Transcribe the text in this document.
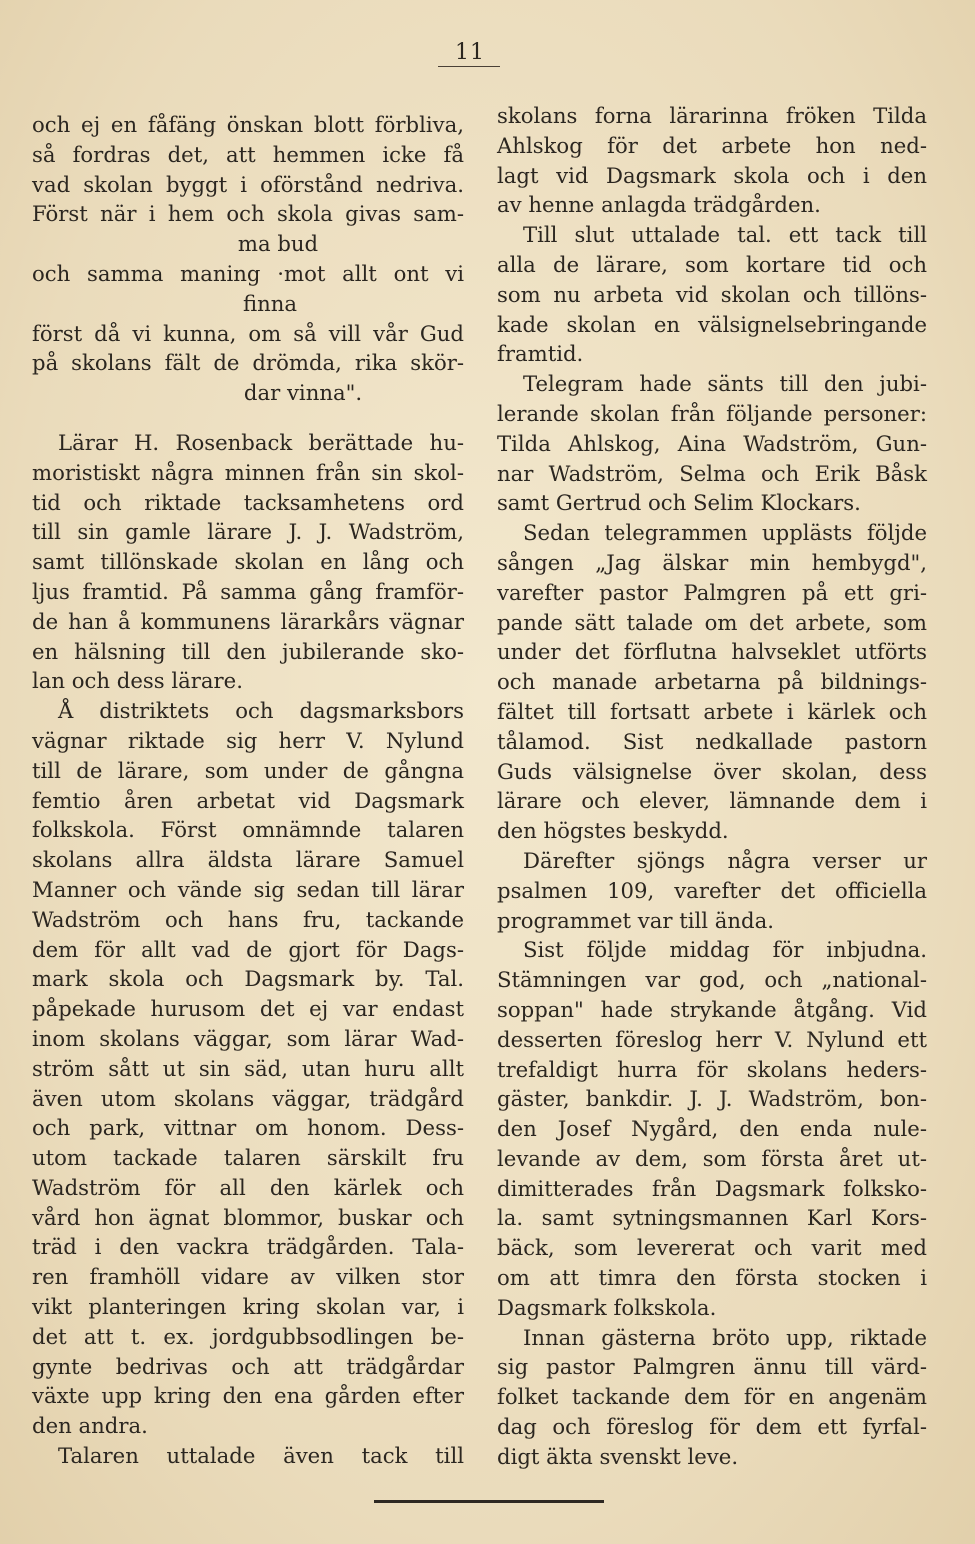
11
och ej en fåfäng önskan blott förbliva,
så fordras det, att hemmen icke få
vad skolan byggt i oförstånd nedriva.
Först när i hem och skola givas sam-
ma bud
och samma maning ·mot allt ont vi
finna
först då vi kunna, om så vill vår Gud
på skolans fält de drömda, rika skör-
dar vinna".
Lärar H. Rosenback berättade hu-
moristiskt några minnen från sin skol-
tid och riktade tacksamhetens ord
till sin gamle lärare J. J. Wadström,
samt tillönskade skolan en lång och
ljus framtid. På samma gång framför-
de han å kommunens lärarkårs vägnar
en hälsning till den jubilerande sko-
lan och dess lärare.
Å distriktets och dagsmarksbors
vägnar riktade sig herr V. Nylund
till de lärare, som under de gångna
femtio åren arbetat vid Dagsmark
folkskola. Först omnämnde talaren
skolans allra äldsta lärare Samuel
Manner och vände sig sedan till lärar
Wadström och hans fru, tackande
dem för allt vad de gjort för Dags-
mark skola och Dagsmark by. Tal.
påpekade hurusom det ej var endast
inom skolans väggar, som lärar Wad-
ström sått ut sin säd, utan huru allt
även utom skolans väggar, trädgård
och park, vittnar om honom. Dess-
utom tackade talaren särskilt fru
Wadström för all den kärlek och
vård hon ägnat blommor, buskar och
träd i den vackra trädgården. Tala-
ren framhöll vidare av vilken stor
vikt planteringen kring skolan var, i
det att t. ex. jordgubbsodlingen be-
gynte bedrivas och att trädgårdar
växte upp kring den ena gården efter
den andra.
Talaren uttalade även tack till
skolans forna lärarinna fröken Tilda
Ahlskog för det arbete hon ned-
lagt vid Dagsmark skola och i den
av henne anlagda trädgården.
Till slut uttalade tal. ett tack till
alla de lärare, som kortare tid och
som nu arbeta vid skolan och tillöns-
kade skolan en välsignelsebringande
framtid.
Telegram hade sänts till den jubi-
lerande skolan från följande personer:
Tilda Ahlskog, Aina Wadström, Gun-
nar Wadström, Selma och Erik Båsk
samt Gertrud och Selim Klockars.
Sedan telegrammen upplästs följde
sången „Jag älskar min hembygd",
varefter pastor Palmgren på ett gri-
pande sätt talade om det arbete, som
under det förflutna halvseklet utförts
och manade arbetarna på bildnings-
fältet till fortsatt arbete i kärlek och
tålamod. Sist nedkallade pastorn
Guds välsignelse över skolan, dess
lärare och elever, lämnande dem i
den högstes beskydd.
Därefter sjöngs några verser ur
psalmen 109, varefter det officiella
programmet var till ända.
Sist följde middag för inbjudna.
Stämningen var god, och „national-
soppan" hade strykande åtgång. Vid
desserten föreslog herr V. Nylund ett
trefaldigt hurra för skolans heders-
gäster, bankdir. J. J. Wadström, bon-
den Josef Nygård, den enda nule-
levande av dem, som första året ut-
dimitterades från Dagsmark folksko-
la. samt sytningsmannen Karl Kors-
bäck, som levererat och varit med
om att timra den första stocken i
Dagsmark folkskola.
Innan gästerna bröto upp, riktade
sig pastor Palmgren ännu till värd-
folket tackande dem för en angenäm
dag och föreslog för dem ett fyrfal-
digt äkta svenskt leve.
